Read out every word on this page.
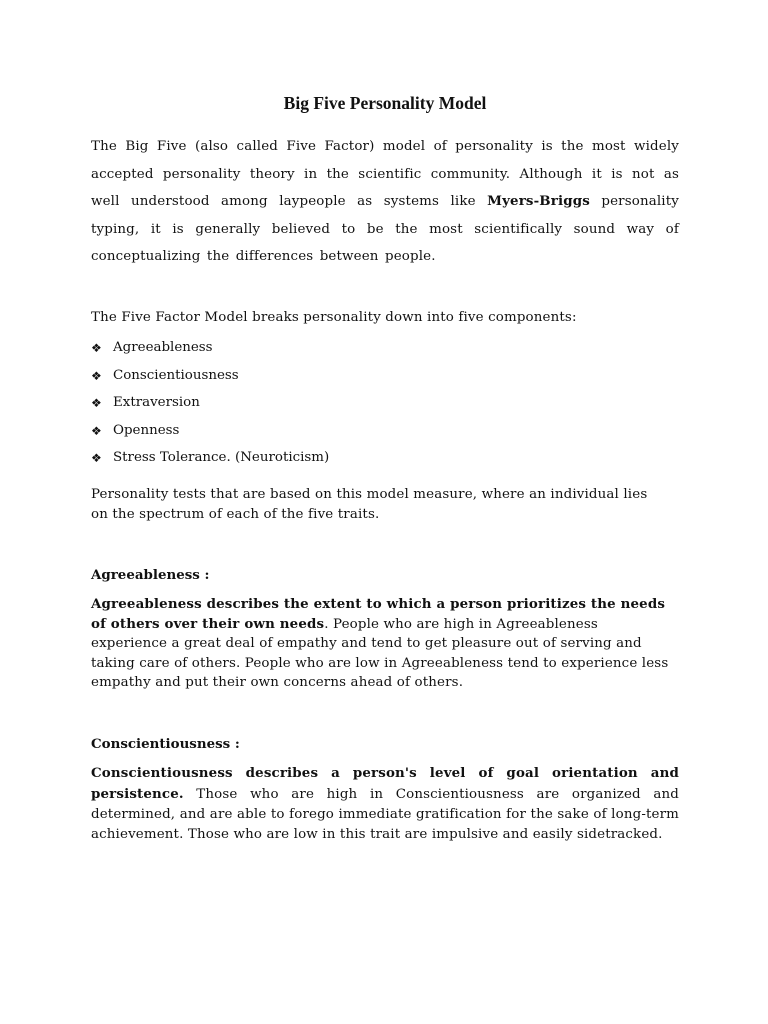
Big Five Personality Model

The Big Five (also called Five Factor) model of personality is the most widely accepted personality theory in the scientific community. Although it is not as well understood among laypeople as systems like Myers-Briggs personality typing, it is generally believed to be the most scientifically sound way of conceptualizing the differences between people.

The Five Factor Model breaks personality down into five components:

❖ Agreeableness
❖ Conscientiousness
❖ Extraversion
❖ Openness
❖ Stress Tolerance. (Neuroticism)

Personality tests that are based on this model measure, where an individual lies on the spectrum of each of the five traits.

Agreeableness :

Agreeableness describes the extent to which a person prioritizes the needs of others over their own needs. People who are high in Agreeableness experience a great deal of empathy and tend to get pleasure out of serving and taking care of others. People who are low in Agreeableness tend to experience less empathy and put their own concerns ahead of others.

Conscientiousness :

Conscientiousness describes a person's level of goal orientation and persistence. Those who are high in Conscientiousness are organized and determined, and are able to forego immediate gratification for the sake of long-term achievement. Those who are low in this trait are impulsive and easily sidetracked.
